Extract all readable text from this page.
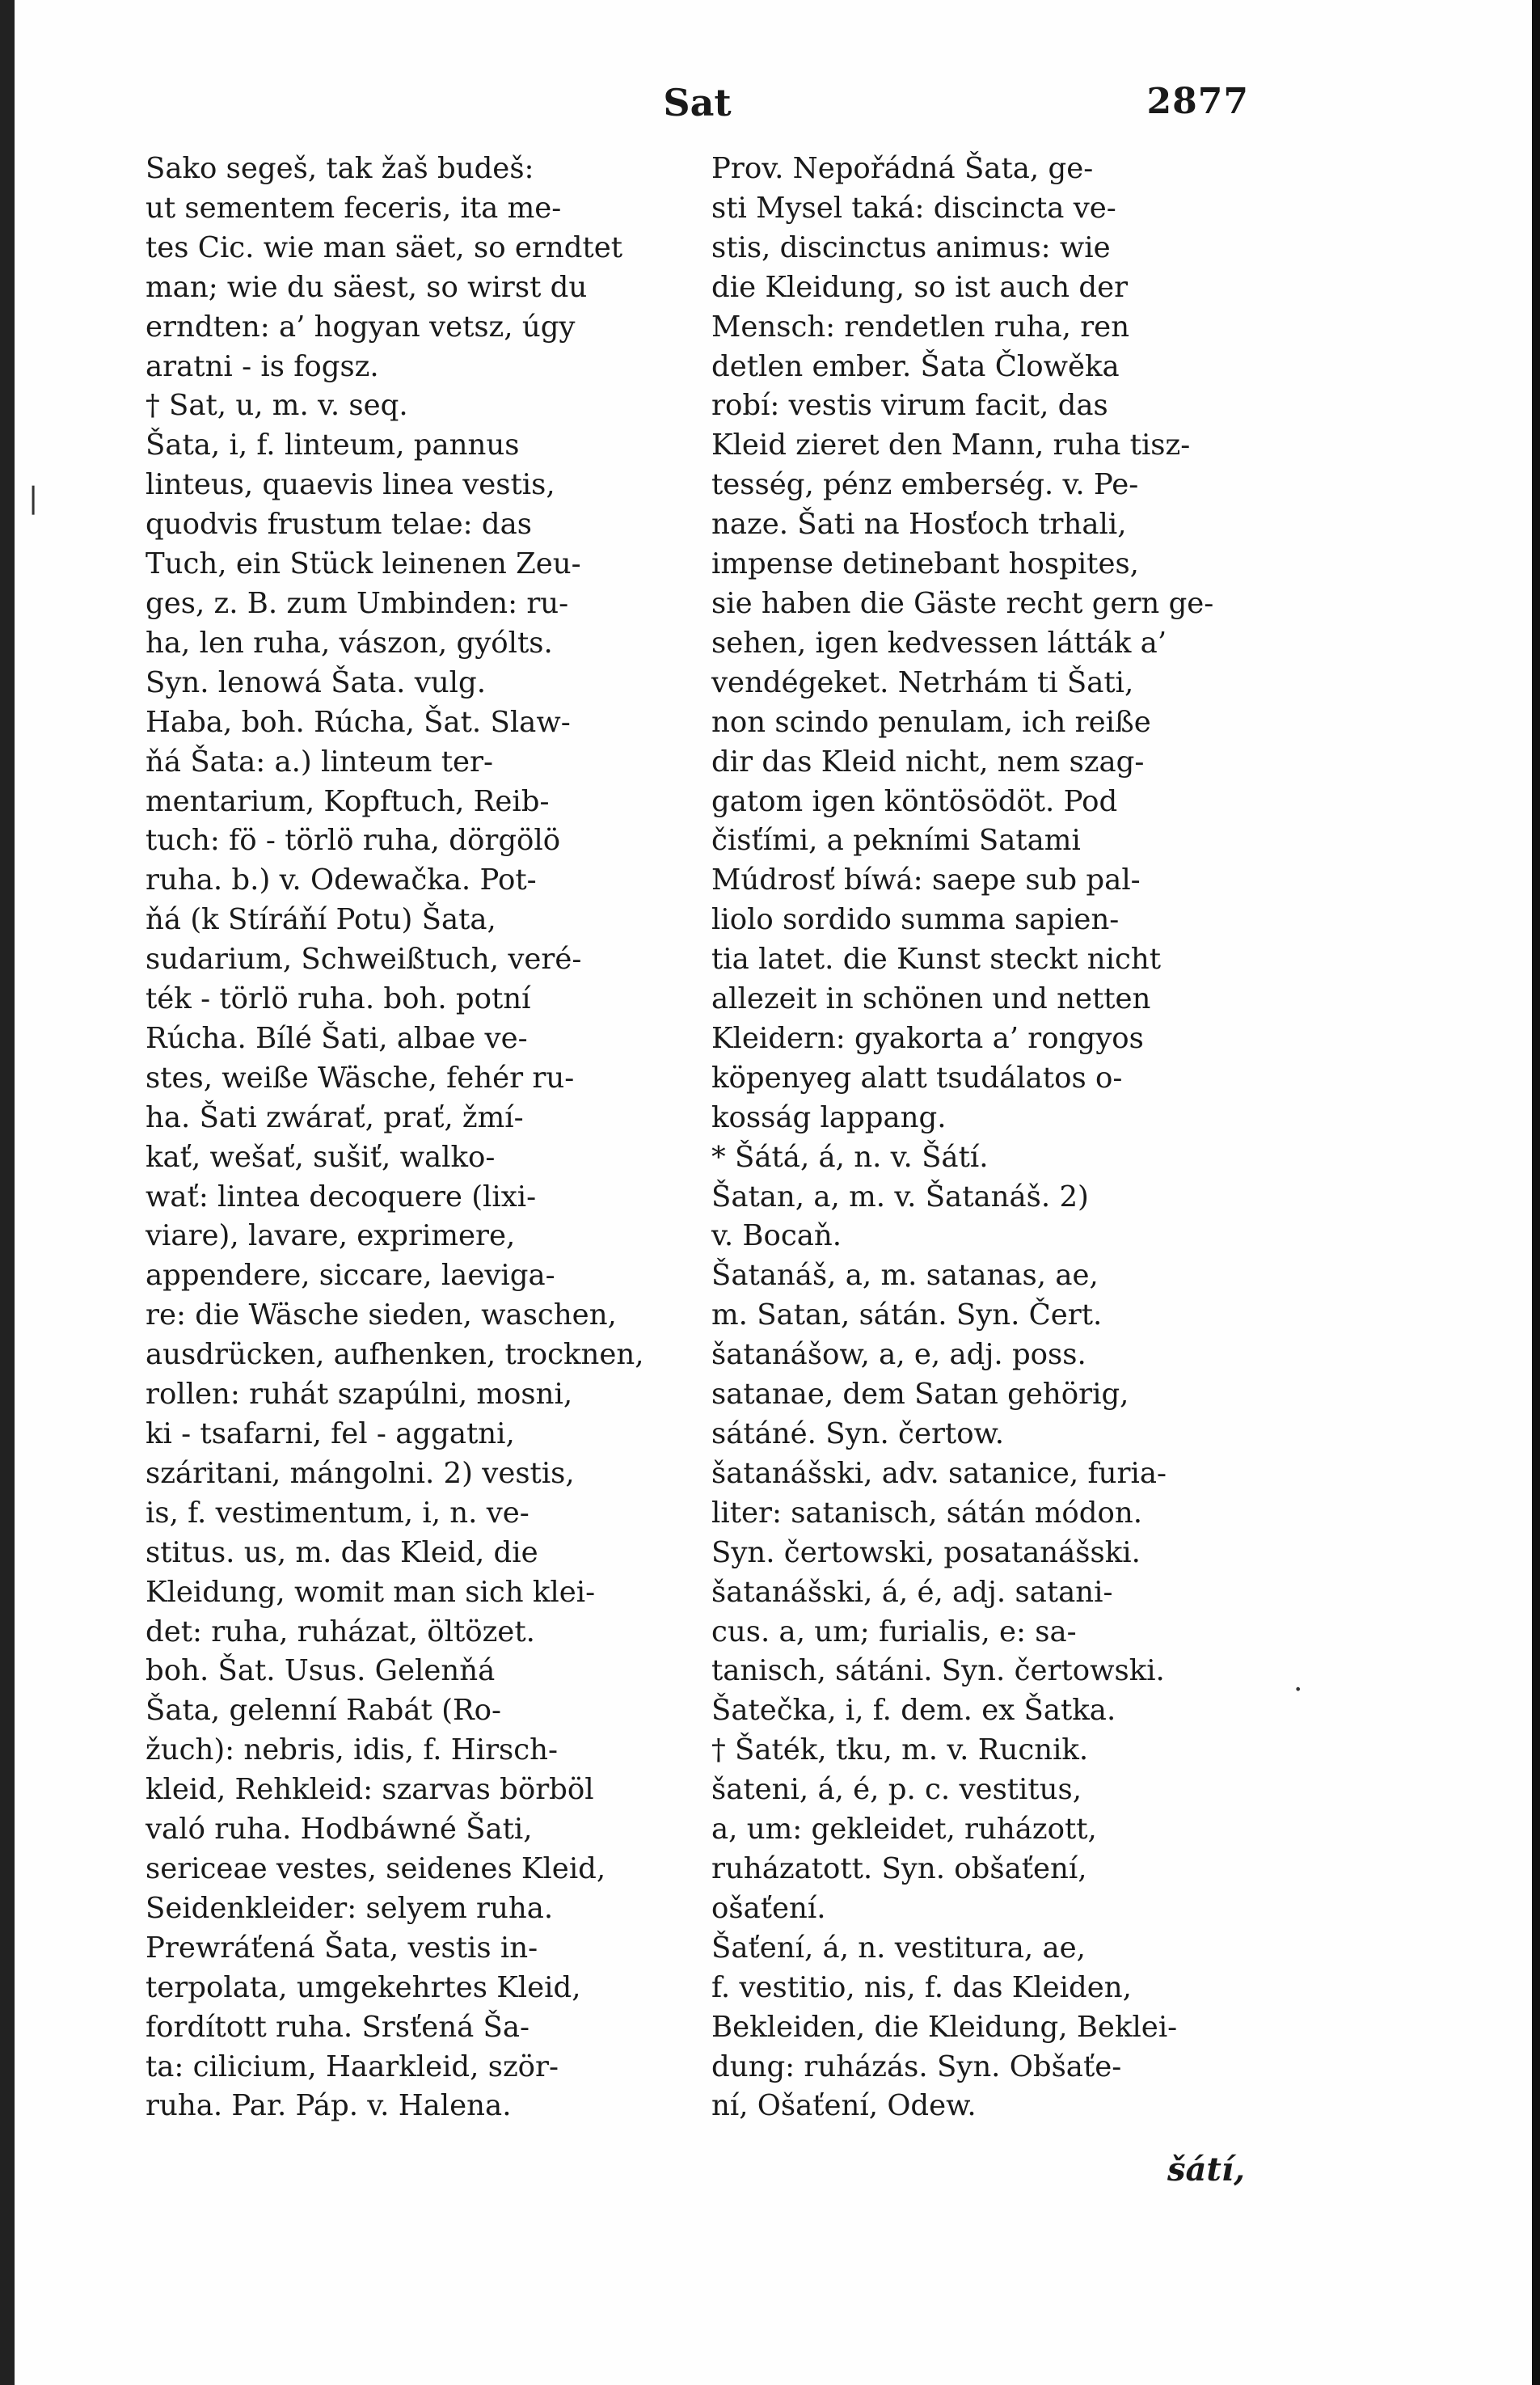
Sat	2877

Sako segeš, tak žaš budeš:

ut sementem feceris, ita me-

tes Cic. wie man säet, so erndtet

man; wie du säest, so wirst du

erndten: a’ hogyan vetsz, úgy

aratni - is fogsz.

† Sat, u, m. v. seq.

Šata, i, f. linteum, pannus

linteus, quaevis linea vestis,

quodvis frustum telae: das

Tuch, ein Stück leinenen Zeu-

ges, z. B. zum Umbinden: ru-

ha, len ruha, vászon, gyólts.

Syn. lenowá Šata. vulg.

Haba, boh. Rúcha, Šat. Slaw-

ňá Šata: a.) linteum ter-

mentarium, Kopftuch, Reib-

tuch: fö - törlö ruha, dörgölö

ruha. b.) v. Odewačka. Pot-

ňá (k Stíráňí Potu) Šata,

sudarium, Schweißtuch, veré-

ték - törlö ruha. boh. potní

Rúcha. Bílé Šati, albae ve-

stes, weiße Wäsche, fehér ru-

ha. Šati zwárať, prať, žmí-

kať, wešať, sušiť, walko-

wať: lintea decoquere (lixi-

viare), lavare, exprimere,

appendere, siccare, laeviga-

re: die Wäsche sieden, waschen,

ausdrücken, aufhenken, trocknen,

rollen: ruhát szapúlni, mosni,

ki - tsafarni, fel - aggatni,

száritani, mángolni. 2) vestis,

is, f. vestimentum, i, n. ve-

stitus. us, m. das Kleid, die

Kleidung, womit man sich klei-

det: ruha, ruházat, öltözet.

boh. Šat. Usus. Gelenňá

Šata, gelenní Rabát (Ro-

žuch): nebris, idis, f. Hirsch-

kleid, Rehkleid: szarvas börböl

való ruha. Hodbáwné Šati,

sericeae vestes, seidenes Kleid,

Seidenkleider: selyem ruha.

Prewráťená Šata, vestis in-

terpolata, umgekehrtes Kleid,

fordított ruha. Srsťená Ša-

ta: cilicium, Haarkleid, ször-

ruha. Par. Páp. v. Halena.

Prov. Nepořádná Šata, ge-

sti Mysel taká: discincta ve-

stis, discinctus animus: wie

die Kleidung, so ist auch der

Mensch: rendetlen ruha, ren

detlen ember. Šata Člowěka

robí: vestis virum facit, das

Kleid zieret den Mann, ruha tisz-

tesség, pénz emberség. v. Pe-

naze. Šati na Hosťoch trhali,

impense detinebant hospites,

sie haben die Gäste recht gern ge-

sehen, igen kedvessen látták a’

vendégeket. Netrhám ti Šati,

non scindo penulam, ich reiße

dir das Kleid nicht, nem szag-

gatom igen köntösödöt. Pod

čisťími, a pekními Satami

Múdrosť bíwá: saepe sub pal-

liolo sordido summa sapien-

tia latet. die Kunst steckt nicht

allezeit in schönen und netten

Kleidern: gyakorta a’ rongyos

köpenyeg alatt tsudálatos o-

kosság lappang.

* Šátá, á, n. v. Šátí.

Šatan, a, m. v. Šatanáš. 2)

v. Bocaň.

Šatanáš, a, m. satanas, ae,

m. Satan, sátán. Syn. Čert.

šatanášow, a, e, adj. poss.

satanae, dem Satan gehörig,

sátáné. Syn. čertow.

šatanášski, adv. satanice, furia-

liter: satanisch, sátán módon.

Syn. čertowski, posatanášski.

šatanášski, á, é, adj. satani-

cus. a, um; furialis, e: sa-

tanisch, sátáni. Syn. čertowski.

Šatečka, i, f. dem. ex Šatka.

† Šaték, tku, m. v. Rucnik.

šateni, á, é, p. c. vestitus,

a, um: gekleidet, ruházott,

ruházatott. Syn. obšaťení,

ošaťení.

Šaťení, á, n. vestitura, ae,

f. vestitio, nis, f. das Kleiden,

Bekleiden, die Kleidung, Beklei-

dung: ruházás. Syn. Obšaťe-

ní, Ošaťení, Odew.

šátí,
❘
·
